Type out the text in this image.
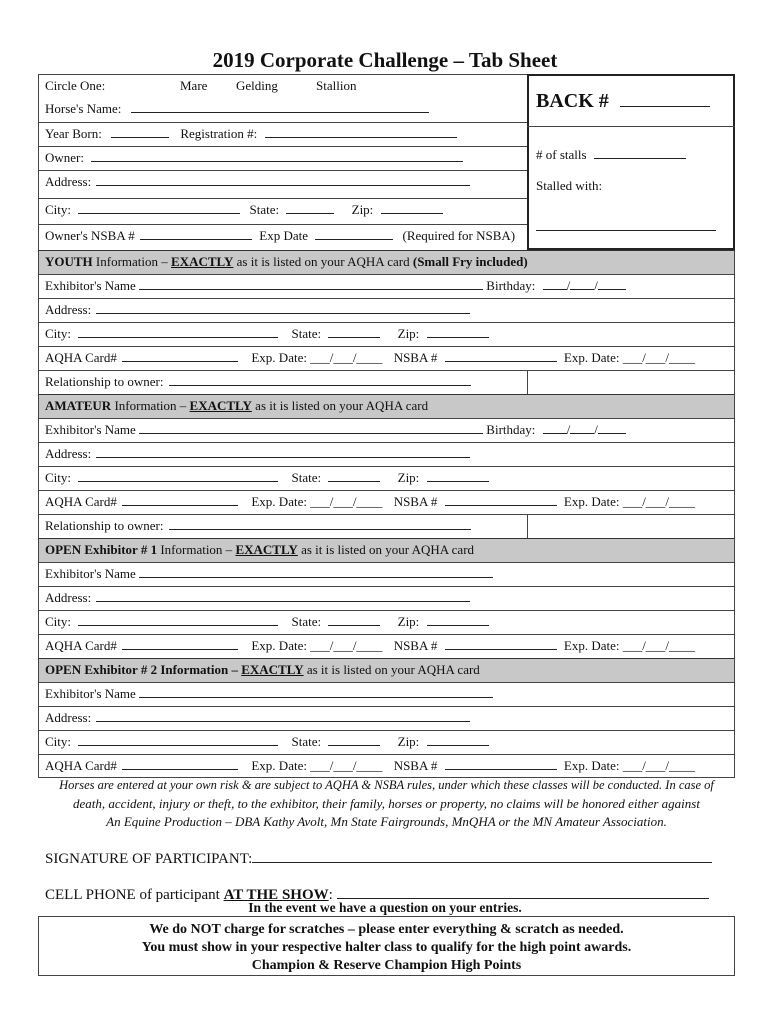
2019 Corporate Challenge – Tab Sheet
Circle One:	Mare Gelding	Stallion
Horse's Name:
Year Born:	Registration #:
Owner:
Address:
City:	State:	Zip:
Owner's NSBA #	Exp Date	(Required for NSBA)
BACK #
# of stalls
Stalled with:
YOUTH Information – EXACTLY as it is listed on your AQHA card (Small Fry included)
Exhibitor's Name	Birthday: / /
Address:
City:	State:	Zip:
AQHA Card#	Exp. Date: ___/___/____ NSBA #	Exp. Date: ___/___/____
Relationship to owner:
AMATEUR Information – EXACTLY as it is listed on your AQHA card
Exhibitor's Name	Birthday: / /
Address:
City:	State:	Zip:
AQHA Card#	Exp. Date: ___/___/____ NSBA #	Exp. Date: ___/___/____
Relationship to owner:
OPEN Exhibitor # 1 Information – EXACTLY as it is listed on your AQHA card
Exhibitor's Name
Address:
City:	State:	Zip:
AQHA Card#	Exp. Date: ___/___/____ NSBA #	Exp. Date: ___/___/____
OPEN Exhibitor # 2 Information – EXACTLY as it is listed on your AQHA card
Exhibitor's Name
Address:
City:	State:	Zip:
AQHA Card#	Exp. Date: ___/___/____ NSBA #	Exp. Date: ___/___/____
Horses are entered at your own risk & are subject to AQHA & NSBA rules, under which these classes will be conducted. In case of
death, accident, injury or theft, to the exhibitor, their family, horses or property, no claims will be honored either against
An Equine Production – DBA Kathy Avolt, Mn State Fairgrounds, MnQHA or the MN Amateur Association.
SIGNATURE OF PARTICIPANT:
CELL PHONE of participant AT THE SHOW:
In the event we have a question on your entries.
We do NOT charge for scratches – please enter everything & scratch as needed.
You must show in your respective halter class to qualify for the high point awards.
Champion & Reserve Champion High Points
